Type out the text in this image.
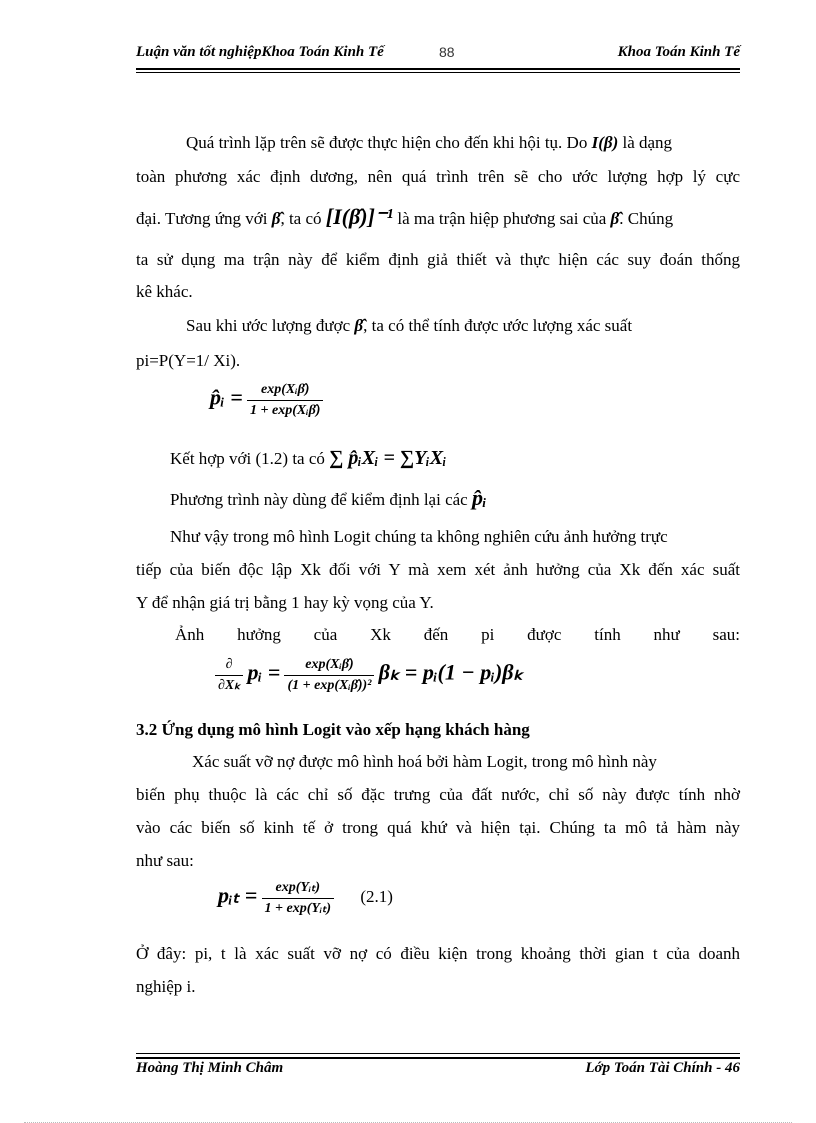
Luận văn tốt nghiệpKhoa Toán Kinh Tế	88	Khoa Toán Kinh Tế
Quá trình lặp trên sẽ được thực hiện cho đến khi hội tụ. Do I(β) là dạng
toàn phương xác định dương, nên quá trình trên sẽ cho ước lượng hợp lý cực
đại. Tương ứng với β̂, ta có [I(β̂)]⁻¹ là ma trận hiệp phương sai của β̂. Chúng
ta sử dụng ma trận này để kiểm định giả thiết và thực hiện các suy đoán thống
kê khác.
Sau khi ước lượng được β̂, ta có thể tính được ước lượng xác suất
pi=P(Y=1/ Xi).
p̂ᵢ = $\frac{\text{exp(Xᵢβ̂)}}{\text{1 + exp(Xᵢβ̂)}}$
Kết hợp với (1.2) ta có ∑ p̂ᵢXᵢ = ∑YᵢXᵢ
Phương trình này dùng để kiểm định lại các p̂ᵢ
Như vậy trong mô hình Logit chúng ta không nghiên cứu ảnh hưởng trực
tiếp của biến độc lập Xk đối với Y mà xem xét ảnh hưởng của Xk đến xác suất
Y để nhận giá trị bằng 1 hay kỳ vọng của Y.
Ảnh hưởng của Xk đến pi được tính như sau:
$\frac{\partial}{\text{∂Xₖ}}$ pᵢ = $\frac{\text{exp(Xᵢβ̂)}}{\text{(1 + exp(Xᵢβ̂))²}}$ βₖ = pᵢ(1 − pᵢ)βₖ
3.2 Ứng dụng mô hình Logit vào xếp hạng khách hàng
Xác suất vỡ nợ được mô hình hoá bởi hàm Logit, trong mô hình này
biến phụ thuộc là các chỉ số đặc trưng của đất nước, chỉ số này được tính nhờ
vào các biến số kinh tế ở trong quá khứ và hiện tại. Chúng ta mô tả hàm này
như sau:
pᵢₜ = $\frac{\text{exp(Yᵢₜ)}}{\text{1 + exp(Yᵢₜ)}} (2.1)$
Ở đây: pi, t là xác suất vỡ nợ có điều kiện trong khoảng thời gian t của doanh
nghiệp i.
Hoàng Thị Minh Châm	Lớp Toán Tài Chính - 46
